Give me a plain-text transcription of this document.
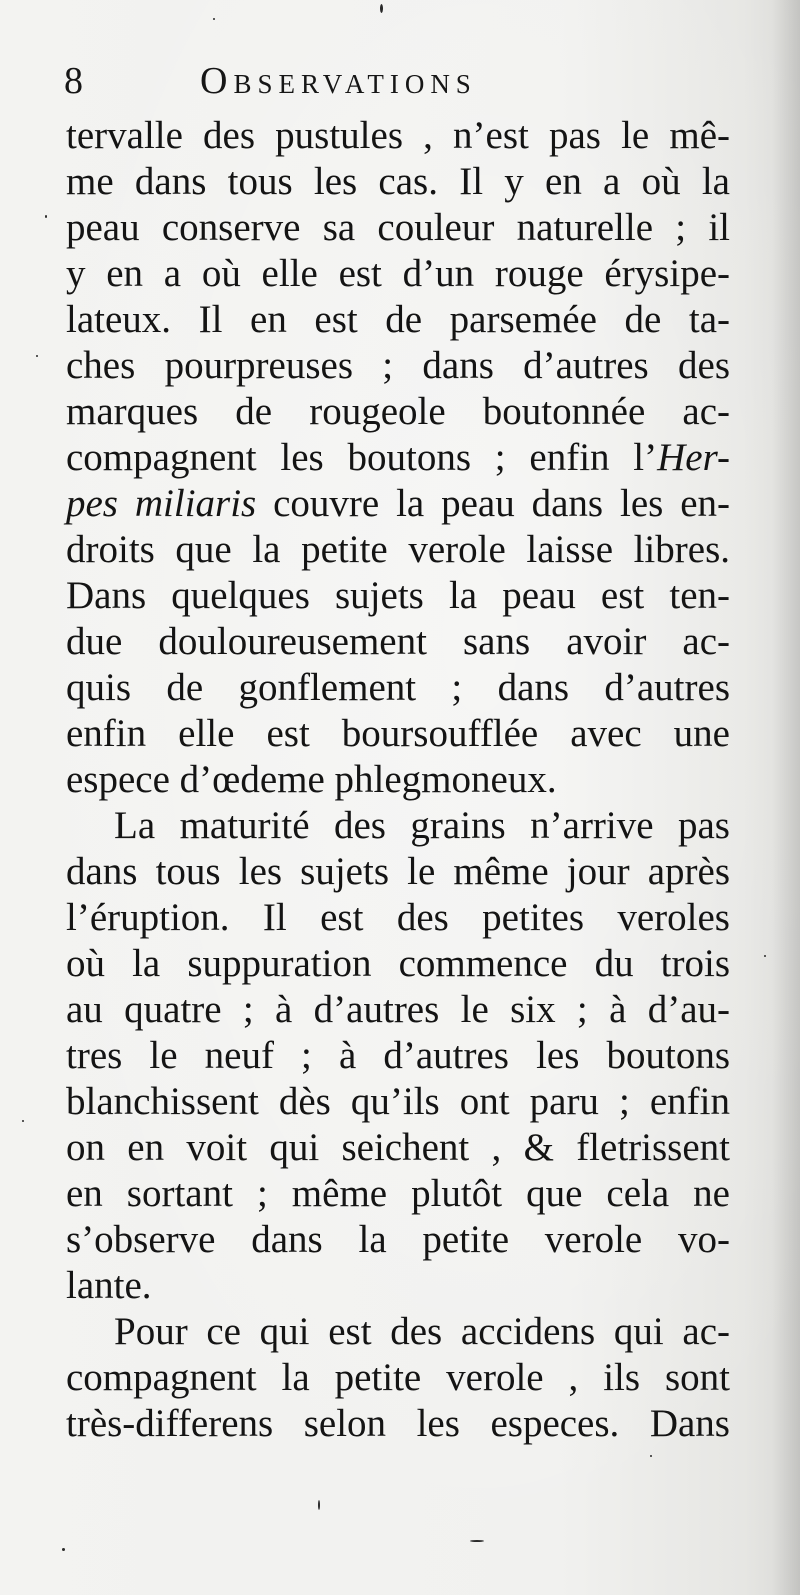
8	Observations
tervalle des pustules , n’est pas le mê-
me dans tous les cas. Il y en a où la
peau conserve sa couleur naturelle ; il
y en a où elle est d’un rouge érysipe-
lateux. Il en est de parsemée de ta-
ches pourpreuses ; dans d’autres des
marques de rougeole boutonnée ac-
compagnent les boutons ; enfin l’Her-
pes miliaris couvre la peau dans les en-
droits que la petite verole laisse libres.
Dans quelques sujets la peau est ten-
due douloureusement sans avoir ac-
quis de gonflement ; dans d’autres
enfin elle est boursoufflée avec une
espece d’œdeme phlegmoneux.
La maturité des grains n’arrive pas
dans tous les sujets le même jour après
l’éruption. Il est des petites veroles
où la suppuration commence du trois
au quatre ; à d’autres le six ; à d’au-
tres le neuf ; à d’autres les boutons
blanchissent dès qu’ils ont paru ; enfin
on en voit qui seichent , & fletrissent
en sortant ; même plutôt que cela ne
s’observe dans la petite verole vo-
lante.
Pour ce qui est des accidens qui ac-
compagnent la petite verole , ils sont
très-differens selon les especes. Dans
